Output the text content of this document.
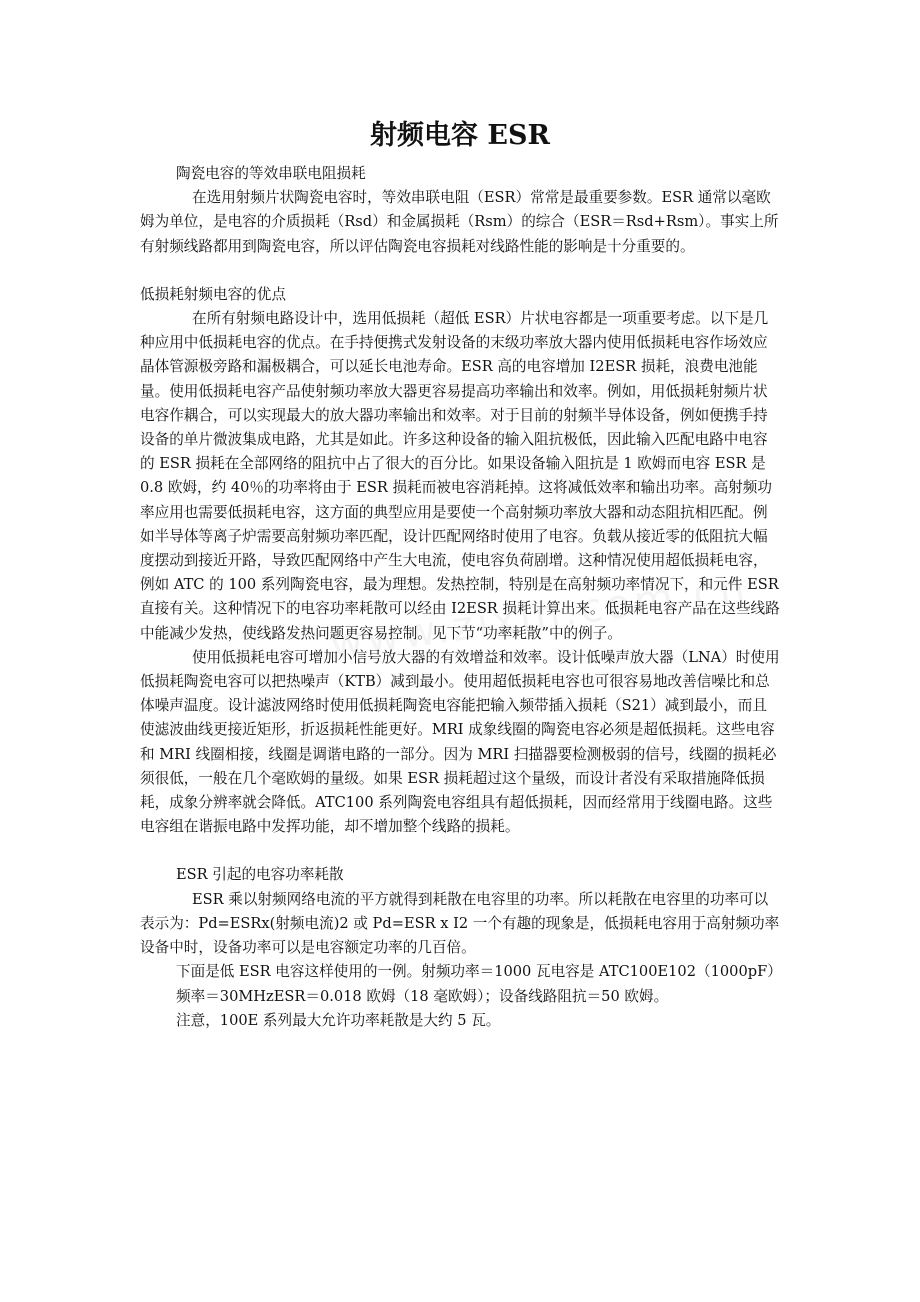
射频电容 ESR

陶瓷电容的等效串联电阻损耗

在选用射频片状陶瓷电容时，等效串联电阻（ESR）常常是最重要参数。ESR 通常以毫欧姆为单位，是电容的介质损耗（Rsd）和金属损耗（Rsm）的综合（ESR＝Rsd+Rsm）。事实上所有射频线路都用到陶瓷电容，所以评估陶瓷电容损耗对线路性能的影响是十分重要的。

低损耗射频电容的优点

在所有射频电路设计中，选用低损耗（超低 ESR）片状电容都是一项重要考虑。以下是几种应用中低损耗电容的优点。在手持便携式发射设备的末级功率放大器内使用低损耗电容作场效应晶体管源极旁路和漏极耦合，可以延长电池寿命。ESR 高的电容增加 I2ESR 损耗，浪费电池能量。使用低损耗电容产品使射频功率放大器更容易提高功率输出和效率。例如，用低损耗射频片状电容作耦合，可以实现最大的放大器功率输出和效率。对于目前的射频半导体设备，例如便携手持设备的单片微波集成电路，尤其是如此。许多这种设备的输入阻抗极低，因此输入匹配电路中电容的 ESR 损耗在全部网络的阻抗中占了很大的百分比。如果设备输入阻抗是 1 欧姆而电容 ESR 是 0.8 欧姆，约 40％的功率将由于 ESR 损耗而被电容消耗掉。这将减低效率和输出功率。高射频功率应用也需要低损耗电容，这方面的典型应用是要使一个高射频功率放大器和动态阻抗相匹配。例如半导体等离子炉需要高射频功率匹配，设计匹配网络时使用了电容。负载从接近零的低阻抗大幅度摆动到接近开路，导致匹配网络中产生大电流，使电容负荷剧增。这种情况使用超低损耗电容，例如 ATC 的 100 系列陶瓷电容，最为理想。发热控制，特别是在高射频功率情况下，和元件 ESR 直接有关。这种情况下的电容功率耗散可以经由 I2ESR 损耗计算出来。低损耗电容产品在这些线路中能减少发热，使线路发热问题更容易控制。见下节“功率耗散”中的例子。

使用低损耗电容可增加小信号放大器的有效增益和效率。设计低噪声放大器（LNA）时使用低损耗陶瓷电容可以把热噪声（KTB）减到最小。使用超低损耗电容也可很容易地改善信噪比和总体噪声温度。设计滤波网络时使用低损耗陶瓷电容能把输入频带插入损耗（S21）减到最小，而且使滤波曲线更接近矩形，折返损耗性能更好。MRI 成象线圈的陶瓷电容必须是超低损耗。这些电容和 MRI 线圈相接，线圈是调谐电路的一部分。因为 MRI 扫描器要检测极弱的信号，线圈的损耗必须很低，一般在几个毫欧姆的量级。如果 ESR 损耗超过这个量级，而设计者没有采取措施降低损耗，成象分辨率就会降低。ATC100 系列陶瓷电容组具有超低损耗，因而经常用于线圈电路。这些电容组在谐振电路中发挥功能，却不增加整个线路的损耗。

ESR 引起的电容功率耗散

ESR 乘以射频网络电流的平方就得到耗散在电容里的功率。所以耗散在电容里的功率可以表示为：Pd=ESRx(射频电流)2 或 Pd=ESR x I2 一个有趣的现象是，低损耗电容用于高射频功率设备中时，设备功率可以是电容额定功率的几百倍。

下面是低 ESR 电容这样使用的一例。射频功率＝1000 瓦电容是 ATC100E102（1000pF）

频率＝30MHzESR＝0.018 欧姆（18 毫欧姆）；设备线路阻抗＝50 欧姆。

注意，100E 系列最大允许功率耗散是大约 5 瓦。
